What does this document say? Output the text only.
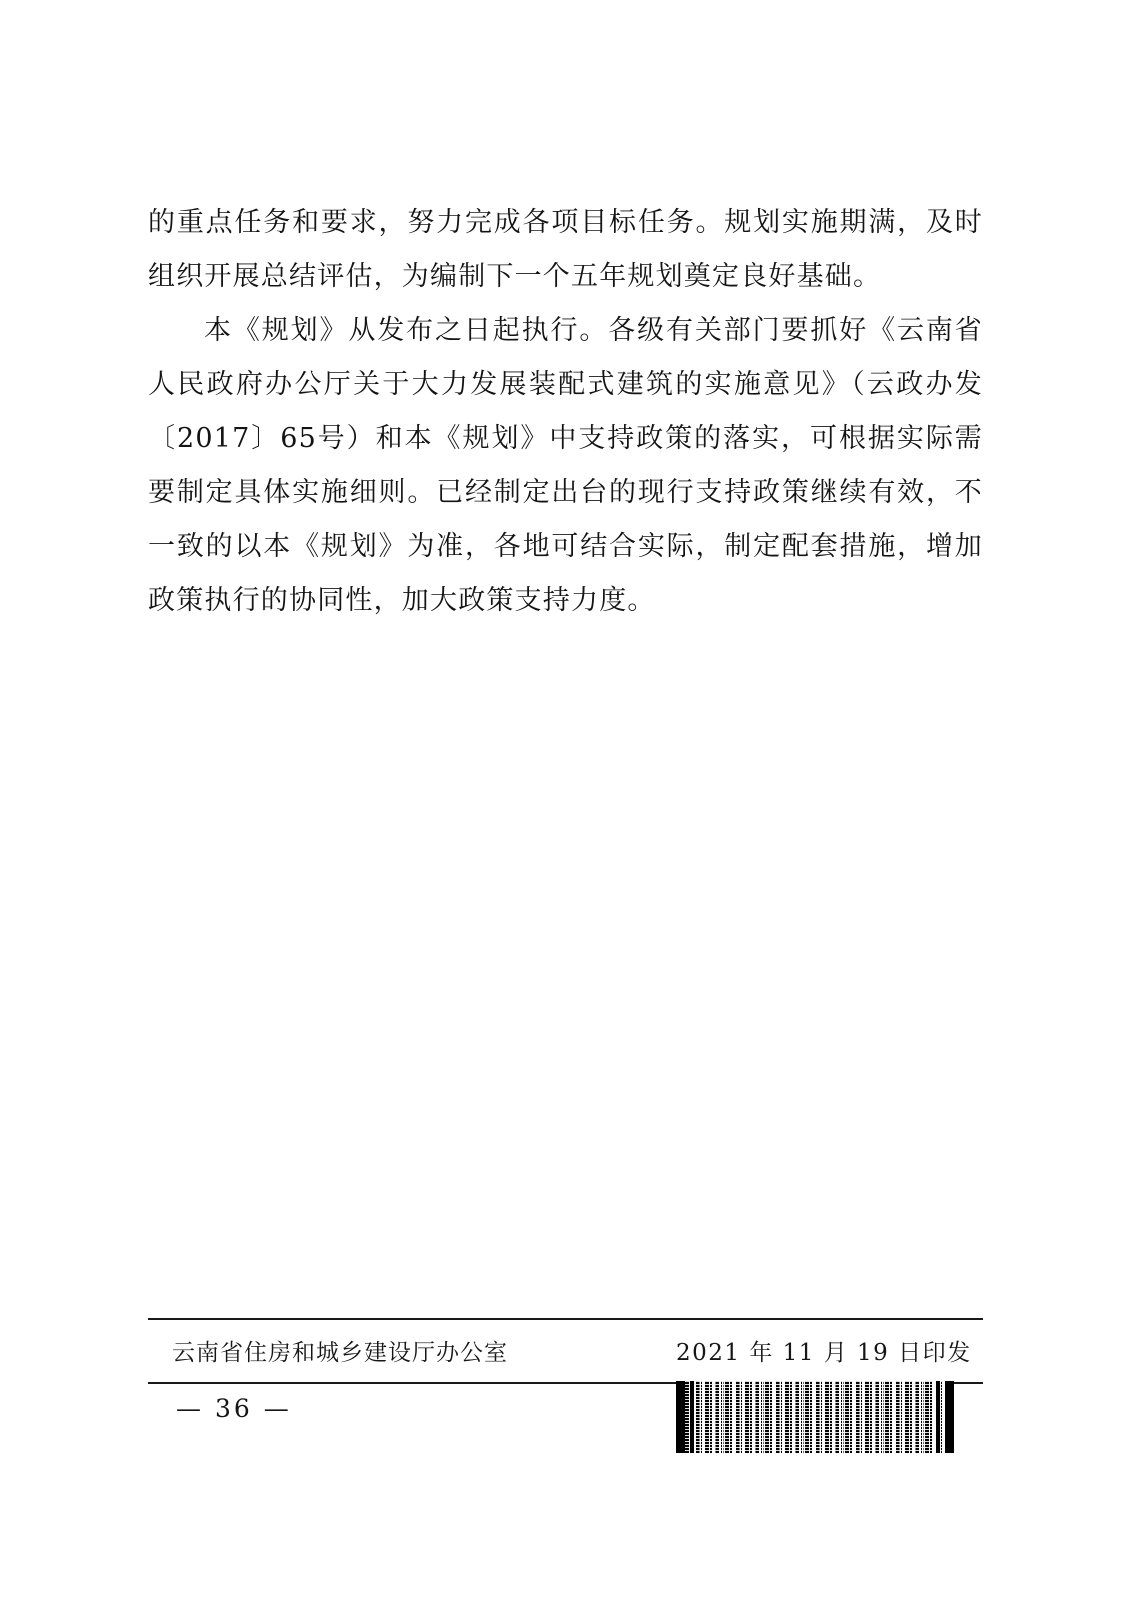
的重点任务和要求，努力完成各项目标任务。规划实施期满，及时组织开展总结评估，为编制下一个五年规划奠定良好基础。

本《规划》从发布之日起执行。各级有关部门要抓好《云南省人民政府办公厅关于大力发展装配式建筑的实施意见》（云政办发〔2017〕65号）和本《规划》中支持政策的落实，可根据实际需要制定具体实施细则。已经制定出台的现行支持政策继续有效，不一致的以本《规划》为准，各地可结合实际，制定配套措施，增加政策执行的协同性，加大政策支持力度。

云南省住房和城乡建设厅办公室	2021 年 11 月 19 日印发
— 36 —
